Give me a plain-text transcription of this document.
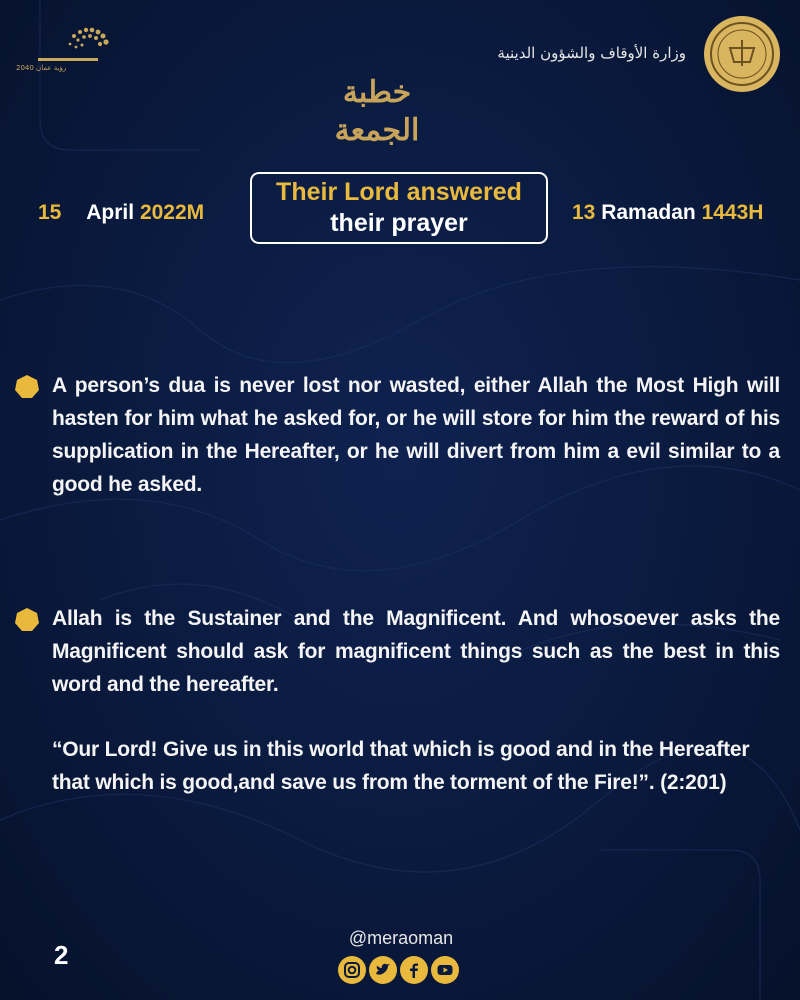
رؤية عمان 2040
وزارة الأوقاف والشؤون الدينية
خطبة الجمعة
15 April 2022M
Their Lord answered
their prayer	13 Ramadan 1443H
A person’s dua is never lost nor wasted, either Allah the Most High will hasten for him what he asked for, or he will store for him the reward of his supplication in the Hereafter, or he will divert from him a evil similar to a good he asked.
Allah is the Sustainer and the Magnificent. And whosoever asks the Magnificent should ask for magnificent things such as the best in this word and the hereafter.
“Our Lord! Give us in this world that which is good and in the Hereafter that which is good,and save us from the torment of the Fire!”. (2:201)
2
@meraoman
